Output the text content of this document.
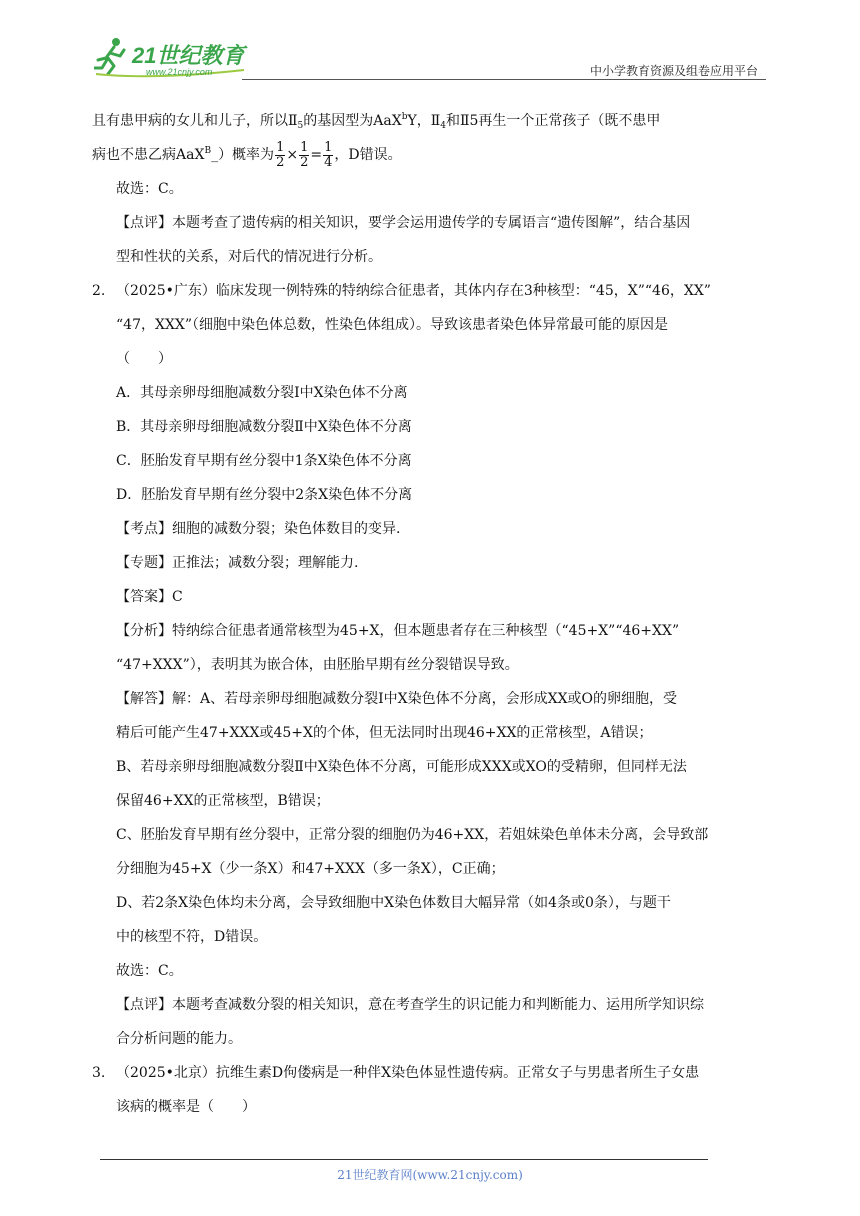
21世纪教育
www.21cnjy.com	中小学教育资源及组卷应用平台

且有患甲病的女儿和儿子，所以$Ⅱ_5$的基因型为AaX$^b$Y，$Ⅱ_4$和Ⅱ5再生一个正常孩子（既不患甲

病也不患乙病AaX$^B$_）概率为 $\frac{1}{2} \times \frac{1}{2} = \frac{1}{4}$ ，D错误。

故选：C。

【点评】本题考查了遗传病的相关知识，要学会运用遗传学的专属语言“遗传图解”，结合基因

型和性状的关系，对后代的情况进行分析。

2. （2025•广东）临床发现一例特殊的特纳综合征患者，其体内存在3种核型：“45，X”“46，XX”

“47，XXX”（细胞中染色体总数，性染色体组成）。导致该患者染色体异常最可能的原因是

（　　）

A．其母亲卵母细胞减数分裂Ⅰ中X染色体不分离

B．其母亲卵母细胞减数分裂Ⅱ中X染色体不分离

C．胚胎发育早期有丝分裂中1条X染色体不分离

D．胚胎发育早期有丝分裂中2条X染色体不分离

【考点】细胞的减数分裂；染色体数目的变异.

【专题】正推法；减数分裂；理解能力.

【答案】C

【分析】特纳综合征患者通常核型为45+X，但本题患者存在三种核型（“45+X”“46+XX”

“47+XXX”），表明其为嵌合体，由胚胎早期有丝分裂错误导致。

【解答】解：A、若母亲卵母细胞减数分裂Ⅰ中X染色体不分离，会形成XX或O的卵细胞，受

精后可能产生47+XXX或45+X的个体，但无法同时出现46+XX的正常核型，A错误；

B、若母亲卵母细胞减数分裂Ⅱ中X染色体不分离，可能形成XXX或XO的受精卵，但同样无法

保留46+XX的正常核型，B错误；

C、胚胎发育早期有丝分裂中，正常分裂的细胞仍为46+XX，若姐妹染色单体未分离，会导致部

分细胞为45+X（少一条X）和47+XXX（多一条X），C正确；

D、若2条X染色体均未分离，会导致细胞中X染色体数目大幅异常（如4条或0条），与题干

中的核型不符，D错误。

故选：C。

【点评】本题考查减数分裂的相关知识，意在考查学生的识记能力和判断能力、运用所学知识综

合分析问题的能力。

3. （2025•北京）抗维生素D佝偻病是一种伴X染色体显性遗传病。正常女子与男患者所生子女患

该病的概率是（　　）

21世纪教育网(www.21cnjy.com)
